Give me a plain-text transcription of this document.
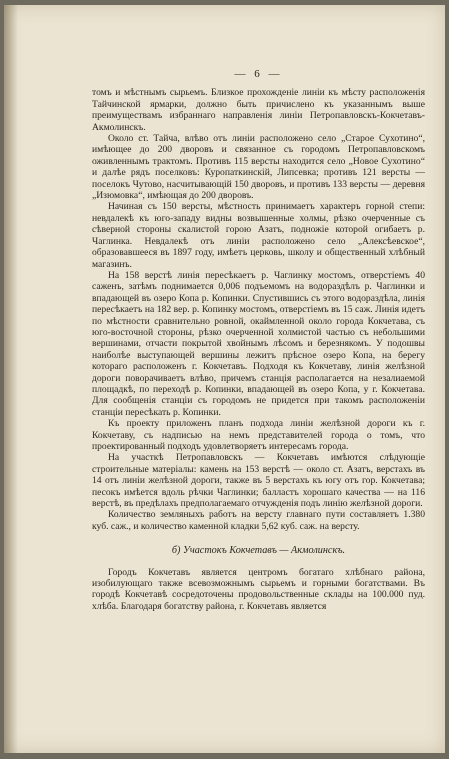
— 6 —

томъ и мѣстнымъ сырьемъ. Близкое прохожденіе линіи къ мѣсту расположенія Тайчинской ярмарки, должно быть причислено къ указаннымъ выше преимуществамъ избраннаго направленія линіи Петропавловскъ-Кокчетавъ-Акмолинскъ.

Около ст. Тайча, влѣво отъ линіи расположено село „Старое Сухотино“, имѣющее до 200 дворовъ и связанное съ городомъ Петропавловскомъ оживленнымъ трактомъ. Противъ 115 версты находится село „Новое Сухотино“ и далѣе рядъ поселковъ: Куропаткинскій, Липсевка; противъ 121 версты — поселокъ Чутово, насчитывающій 150 дворовъ, и противъ 133 версты — деревня „Изюмовка“, имѣющая до 200 дворовъ.

Начиная съ 150 версты, мѣстность принимаетъ характеръ горной степи: невдалекѣ къ юго-западу видны возвышенные холмы, рѣзко очерченные съ сѣверной стороны скалистой горою Азатъ, подножіе которой огибаетъ р. Чаглинка. Невдалекѣ отъ линіи расположено село „Алексѣевское“, образовавшееся въ 1897 году, имѣетъ церковь, школу и общественный хлѣбный магазинъ.

На 158 верстѣ линія пересѣкаетъ р. Чаглинку мостомъ, отверстіемъ 40 саженъ, затѣмъ поднимается 0,006 подъемомъ на водораздѣлъ р. Чаглинки и впадающей въ озеро Копа р. Копинки. Спустившись съ этого водораздѣла, линія пересѣкаетъ на 182 вер. р. Копинку мостомъ, отверстіемъ въ 15 саж. Линія идетъ по мѣстности сравнительно ровной, окаймленной около города Кокчетава, съ юго-восточной стороны, рѣзко очерченной холмистой частью съ небольшими вершинами, отчасти покрытой хвойнымъ лѣсомъ и березнякомъ. У подошвы наиболѣе выступающей вершины лежитъ прѣсное озеро Копа, на берегу котораго расположенъ г. Кокчетавъ. Подходя къ Кокчетаву, линія желѣзной дороги поворачиваетъ влѣво, причемъ станція располагается на незалиаемой площадкѣ, по переходѣ р. Копинки, впадающей въ озеро Копа, у г. Кокчетава. Для сообщенія станціи съ городомъ не придется при такомъ расположеніи станціи пересѣкать р. Копинки.

Къ проекту приложенъ планъ подхода линіи желѣзной дороги къ г. Кокчетаву, съ надписью на немъ представителей города о томъ, что проектированный подходъ удовлетворяетъ интересамъ города.

На участкѣ Петропавловскъ — Кокчетавъ имѣются слѣдующіе строительные матеріалы: камень на 153 верстѣ — около ст. Азатъ, верстахъ въ 14 отъ линіи желѣзной дороги, также въ 5 верстахъ къ югу отъ гор. Кокчетава; песокъ имѣется вдоль рѣчки Чаглинки; балластъ хорошаго качества — на 116 верстѣ, въ предѣлахъ предполагаемаго отчужденія подъ линію желѣзной дороги.

Количество земляныхъ работъ на версту главнаго пути составляетъ 1.380 куб. саж., и количество каменной кладки 5,62 куб. саж. на версту.

б) Участокъ Кокчетавъ — Акмолинскъ.

Городъ Кокчетавъ является центромъ богатаго хлѣбнаго района, изобилующаго также всевозможнымъ сырьемъ и горными богатствами. Въ городѣ Кокчетавѣ сосредоточены продовольственные склады на 100.000 пуд. хлѣба. Благодаря богатству района, г. Кокчетавъ является
